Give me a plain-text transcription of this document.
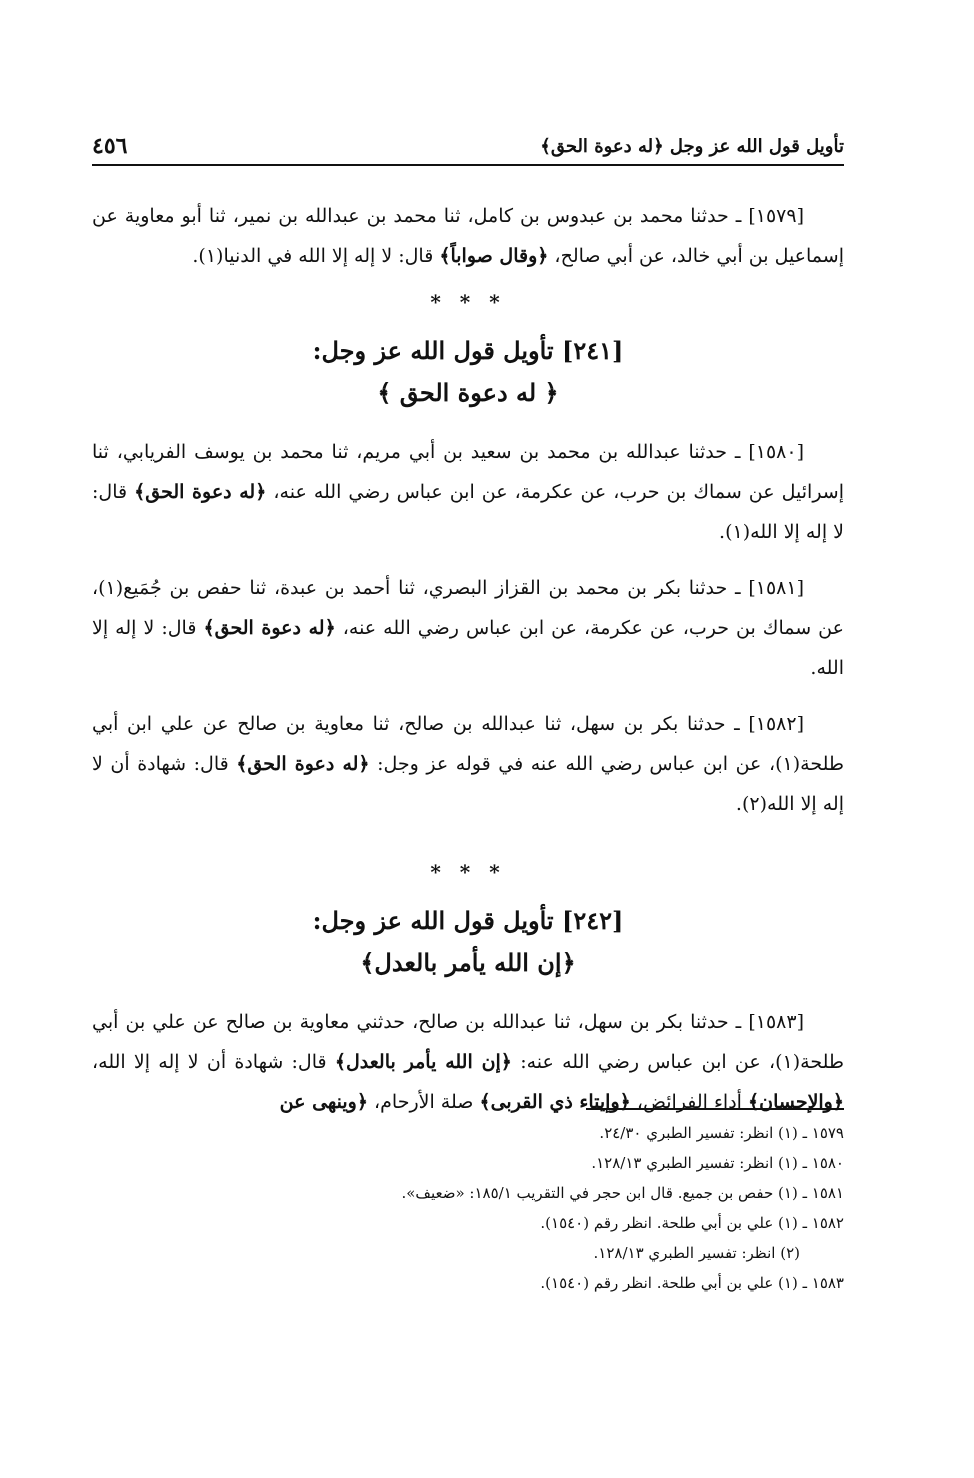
تأويل قول الله عز وجل ﴿له دعوة الحق﴾
٤٥٦

[١٥٧٩] ـ حدثنا محمد بن عبدوس بن كامل، ثنا محمد بن عبدالله بن نمير، ثنا أبو معاوية عن إسماعيل بن أبي خالد، عن أبي صالح، ﴿وقال صواباً﴾ قال: لا إله إلا الله في الدنيا(١).

* * *
[٢٤١] تأويل قول الله عز وجل:
﴿ له دعوة الحق ﴾

[١٥٨٠] ـ حدثنا عبدالله بن محمد بن سعيد بن أبي مريم، ثنا محمد بن يوسف الفريابي، ثنا إسرائيل عن سماك بن حرب، عن عكرمة، عن ابن عباس رضي الله عنه، ﴿له دعوة الحق﴾ قال: لا إله إلا الله(١).

[١٥٨١] ـ حدثنا بكر بن محمد بن القزاز البصري، ثنا أحمد بن عبدة، ثنا حفص بن جُمَيع(١)، عن سماك بن حرب، عن عكرمة، عن ابن عباس رضي الله عنه، ﴿له دعوة الحق﴾ قال: لا إله إلا الله.

[١٥٨٢] ـ حدثنا بكر بن سهل، ثنا عبدالله بن صالح، ثنا معاوية بن صالح عن علي ابن أبي طلحة(١)، عن ابن عباس رضي الله عنه في قوله عز وجل: ﴿له دعوة الحق﴾ قال: شهادة أن لا إله إلا الله(٢).

* * *
[٢٤٢] تأويل قول الله عز وجل:
﴿إن الله يأمر بالعدل﴾

[١٥٨٣] ـ حدثنا بكر بن سهل، ثنا عبدالله بن صالح، حدثني معاوية بن صالح عن علي بن أبي طلحة(١)، عن ابن عباس رضي الله عنه: ﴿إن الله يأمر بالعدل﴾ قال: شهادة أن لا إله إلا الله، ﴿والإحسان﴾ أداء الفرائض، ﴿وإيتاء ذي القربى﴾ صلة الأرحام، ﴿وينهى عن

١٥٧٩ ـ (١) انظر: تفسير الطبري ٢٤/٣٠.

١٥٨٠ ـ (١) انظر: تفسير الطبري ١٢٨/١٣.

١٥٨١ ـ (١) حفص بن جميع. قال ابن حجر في التقريب ١٨٥/١: «ضعيف».

١٥٨٢ ـ (١) علي بن أبي طلحة. انظر رقم (١٥٤٠).

(٢) انظر: تفسير الطبري ١٢٨/١٣.

١٥٨٣ ـ (١) علي بن أبي طلحة. انظر رقم (١٥٤٠).
